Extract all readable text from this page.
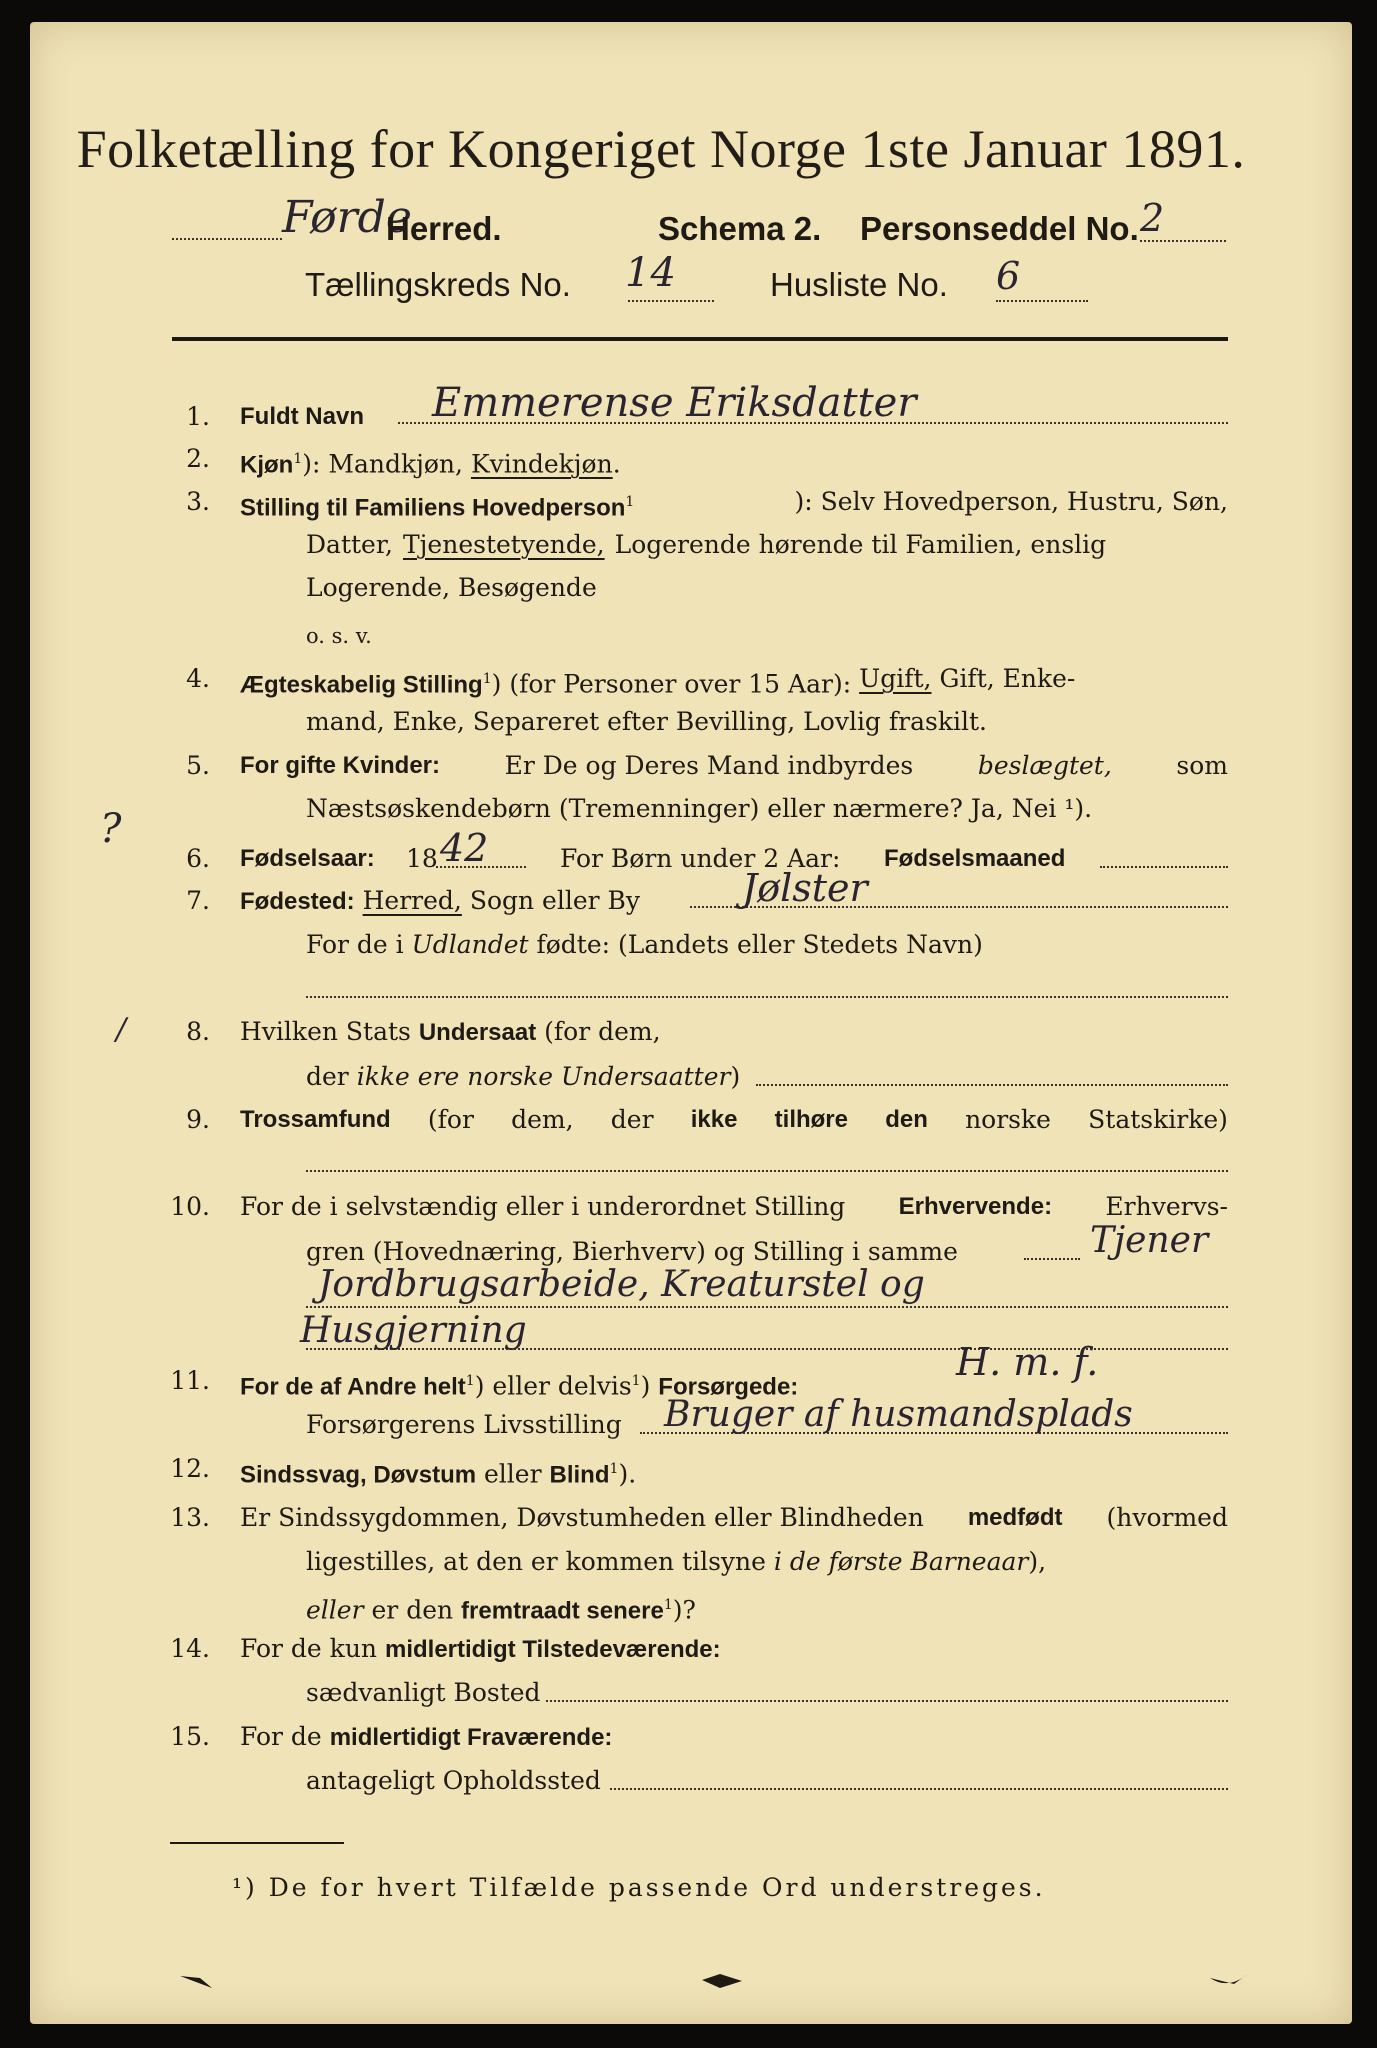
Folketælling for Kongeriget Norge 1ste Januar 1891.
Førde
Herred.	Schema 2. Personseddel No. 2
Tællingskreds No. 14	Husliste No. 6
1. Fuldt Navn Emmerense Eriksdatter
2. Kjøn$^1$): Mandkjøn, Kvindekjøn.
3. Stilling til Familiens Hovedperson$^1$	): Selv Hovedperson, Hustru, Søn,
Datter, Tjenestetyende, Logerende hørende til Familien, enslig
Logerende, Besøgende
o. s. v.
4. Ægteskabelig Stilling$^1$) (for Personer over 15 Aar): Ugift, Gift, Enke-
mand, Enke, Separeret efter Bevilling, Lovlig fraskilt.
5. For gifte Kvinder:	Er De og Deres Mand indbyrdes	beslægtet,	som
Næstsøskendebørn (Tremenninger) eller nærmere? Ja, Nei ¹).
?
6. Fødselsaar: 18 42	For Børn under 2 Aar: Fødselsmaaned
7. Fødested: Herred, Sogn eller By	Jølster
For de i Udlandet fødte: (Landets eller Stedets Navn)
8. Hvilken Stats Undersaat (for dem,
der ikke ere norske Undersaatter)
/
9. Trossamfund (for dem, der ikke tilhøre den norske Statskirke)
10. For de i selvstændig eller i underordnet Stilling Erhvervende: Erhvervs-
gren (Hovednæring, Bierhverv) og Stilling i samme	Tjener
Jordbrugsarbeide, Kreaturstel og
Husgjerning
11. For de af Andre helt$^1$) eller delvis$^1$) Forsørgede:
H. m. f.
Forsørgerens Livsstilling Bruger af husmandsplads
12. Sindssvag, Døvstum eller Blind$^1$).
13. Er Sindssygdommen, Døvstumheden eller Blindheden medfødt (hvormed
ligestilles, at den er kommen tilsyne i de første Barneaar),
eller er den fremtraadt senere$^1$)?
14. For de kun midlertidigt Tilstedeværende:
sædvanligt Bosted
15. For de midlertidigt Fraværende:
antageligt Opholdssted
¹) De for hvert Tilfælde passende Ord understreges.
